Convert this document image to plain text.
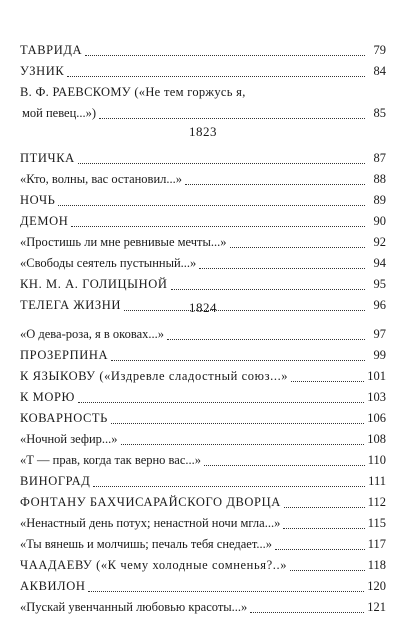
ТАВРИДА	79
УЗНИК	84
В. Ф. РАЕВСКОМУ («Не тем горжусь я,
мой певец...»)	85
1823
ПТИЧКА	87
«Кто, волны, вас остановил...»	88
НОЧЬ	89
ДЕМОН	90
«Простишь ли мне ревнивые мечты...»	92
«Свободы сеятель пустынный...»	94
КН. М. А. ГОЛИЦЫНОЙ	95
ТЕЛЕГА ЖИЗНИ	96
1824
«О дева-роза, я в оковах...»	97
ПРОЗЕРПИНА	99
К ЯЗЫКОВУ («Издревле сладостный союз...»	101
К МОРЮ	103
КОВАРНОСТЬ	106
«Ночной зефир...»	108
«Т — прав, когда так верно вас...»	110
ВИНОГРАД	111
ФОНТАНУ БАХЧИСАРАЙСКОГО ДВОРЦА	112
«Ненастный день потух; ненастной ночи мгла...»	115
«Ты вянешь и молчишь; печаль тебя снедает...»	117
ЧААДАЕВУ («К чему холодные сомненья?..»	118
АКВИЛОН	120
«Пускай увенчанный любовью красоты...»	121
